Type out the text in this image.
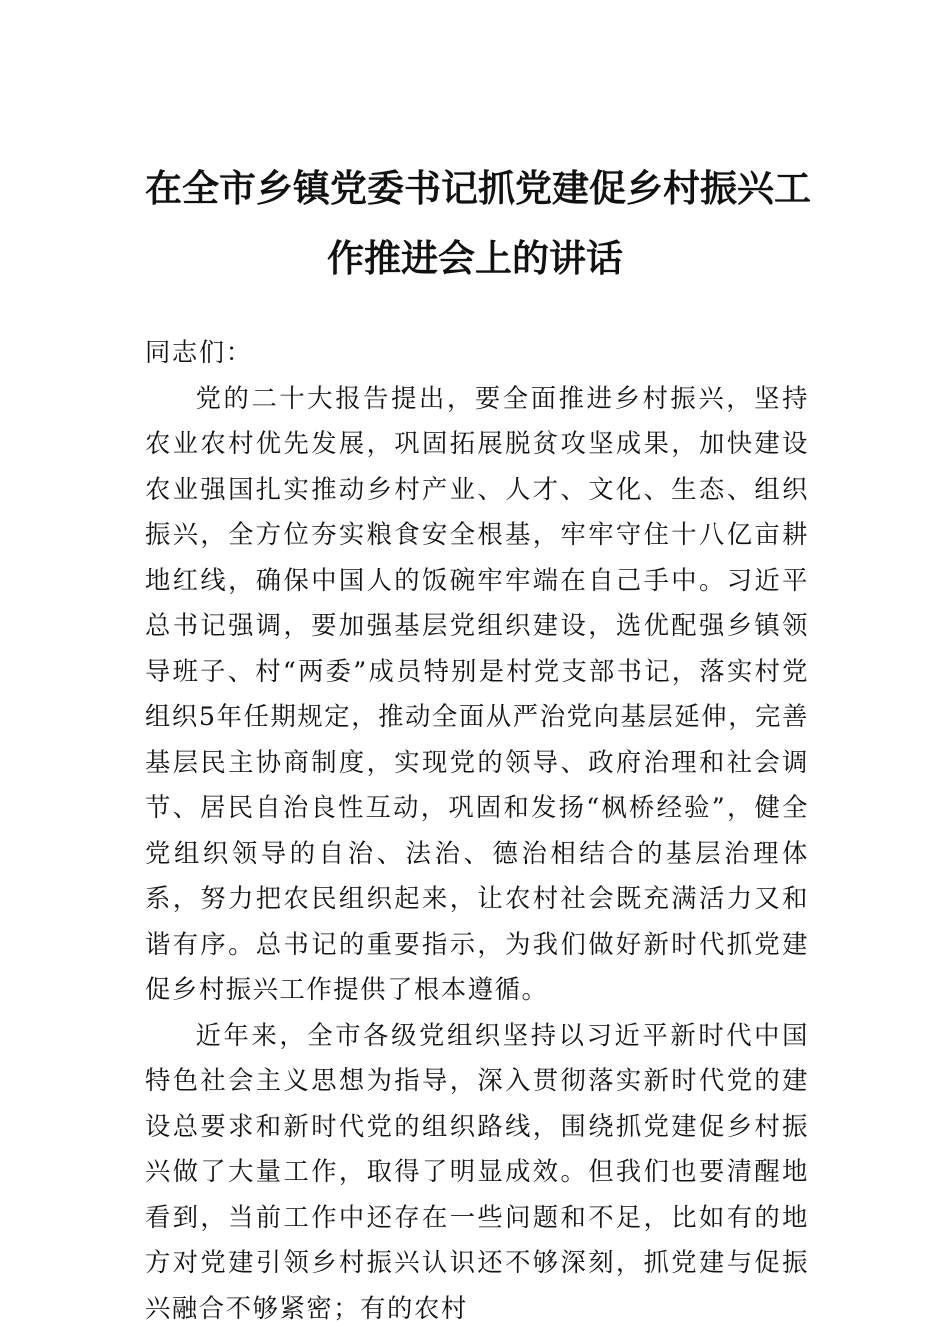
在全市乡镇党委书记抓党建促乡村振兴工
作推进会上的讲话

同志们：

党的二十大报告提出，要全面推进乡村振兴，坚持农业农村优先发展，巩固拓展脱贫攻坚成果，加快建设农业强国扎实推动乡村产业、人才、文化、生态、组织振兴，全方位夯实粮食安全根基，牢牢守住十八亿亩耕地红线，确保中国人的饭碗牢牢端在自己手中。习近平总书记强调，要加强基层党组织建设，选优配强乡镇领导班子、村“两委”成员特别是村党支部书记，落实村党组织5年任期规定，推动全面从严治党向基层延伸，完善基层民主协商制度，实现党的领导、政府治理和社会调节、居民自治良性互动，巩固和发扬“枫桥经验”，健全党组织领导的自治、法治、德治相结合的基层治理体系，努力把农民组织起来，让农村社会既充满活力又和谐有序。总书记的重要指示，为我们做好新时代抓党建促乡村振兴工作提供了根本遵循。

近年来，全市各级党组织坚持以习近平新时代中国特色社会主义思想为指导，深入贯彻落实新时代党的建设总要求和新时代党的组织路线，围绕抓党建促乡村振兴做了大量工作，取得了明显成效。但我们也要清醒地看到，当前工作中还存在一些问题和不足，比如有的地方对党建引领乡村振兴认识还不够深刻，抓党建与促振兴融合不够紧密；有的农村
